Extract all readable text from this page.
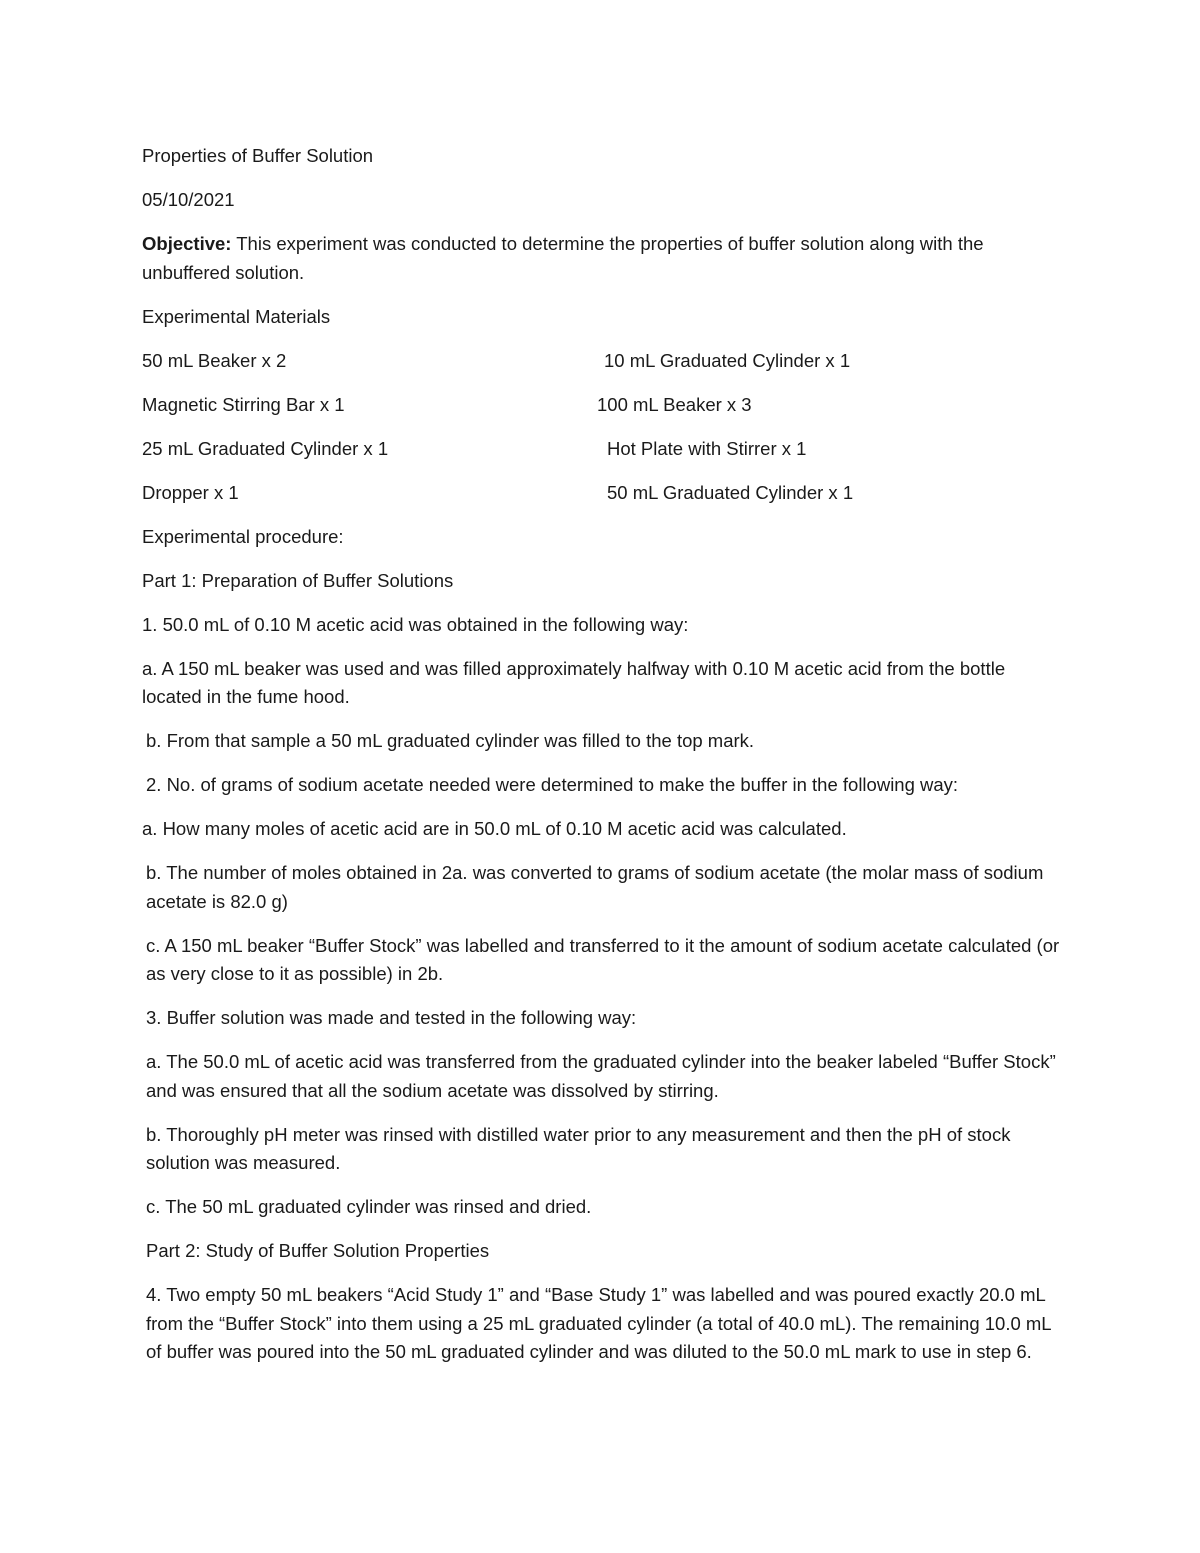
Properties of Buffer Solution

05/10/2021

Objective: This experiment was conducted to determine the properties of buffer solution along with the unbuffered solution.

Experimental Materials

50 mL Beaker x 2	10 mL Graduated Cylinder x 1
Magnetic Stirring Bar x 1	100 mL Beaker x 3
25 mL Graduated Cylinder x 1	Hot Plate with Stirrer x 1
Dropper x 1	50 mL Graduated Cylinder x 1

Experimental procedure:

Part 1: Preparation of Buffer Solutions

1. 50.0 mL of 0.10 M acetic acid was obtained in the following way:

a. A 150 mL beaker was used and was filled approximately halfway with 0.10 M acetic acid from the bottle located in the fume hood.

b. From that sample a 50 mL graduated cylinder was filled to the top mark.

2. No. of grams of sodium acetate needed were determined to make the buffer in the following way:

a. How many moles of acetic acid are in 50.0 mL of 0.10 M acetic acid was calculated.

b. The number of moles obtained in 2a. was converted to grams of sodium acetate (the molar mass of sodium acetate is 82.0 g)

c. A 150 mL beaker “Buffer Stock” was labelled and transferred to it the amount of sodium acetate calculated (or as very close to it as possible) in 2b.

3. Buffer solution was made and tested in the following way:

a. The 50.0 mL of acetic acid was transferred from the graduated cylinder into the beaker labeled “Buffer Stock” and was ensured that all the sodium acetate was dissolved by stirring.

b. Thoroughly pH meter was rinsed with distilled water prior to any measurement and then the pH of stock solution was measured.

c. The 50 mL graduated cylinder was rinsed and dried.

Part 2: Study of Buffer Solution Properties

4. Two empty 50 mL beakers “Acid Study 1” and “Base Study 1” was labelled and was poured exactly 20.0 mL from the “Buffer Stock” into them using a 25 mL graduated cylinder (a total of 40.0 mL). The remaining 10.0 mL of buffer was poured into the 50 mL graduated cylinder and was diluted to the 50.0 mL mark to use in step 6.
